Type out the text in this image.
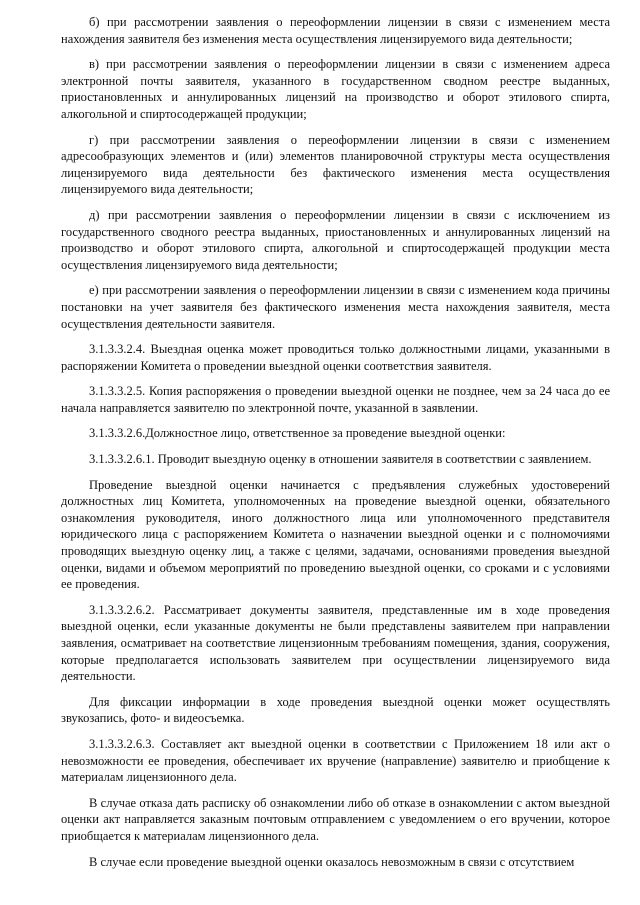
б) при рассмотрении заявления о переоформлении лицензии в связи с изменением места нахождения заявителя без изменения места осуществления лицензируемого вида деятельности;

в) при рассмотрении заявления о переоформлении лицензии в связи с изменением адреса электронной почты заявителя, указанного в государственном сводном реестре выданных, приостановленных и аннулированных лицензий на производство и оборот этилового спирта, алкогольной и спиртосодержащей продукции;

г) при рассмотрении заявления о переоформлении лицензии в связи с изменением адресообразующих элементов и (или) элементов планировочной структуры места осуществления лицензируемого вида деятельности без фактического изменения места осуществления лицензируемого вида деятельности;

д) при рассмотрении заявления о переоформлении лицензии в связи с исключением из государственного сводного реестра выданных, приостановленных и аннулированных лицензий на производство и оборот этилового спирта, алкогольной и спиртосодержащей продукции места осуществления лицензируемого вида деятельности;

е) при рассмотрении заявления о переоформлении лицензии в связи с изменением кода причины постановки на учет заявителя без фактического изменения места нахождения заявителя, места осуществления деятельности заявителя.

3.1.3.3.2.4. Выездная оценка может проводиться только должностными лицами, указанными в распоряжении Комитета о проведении выездной оценки соответствия заявителя.

3.1.3.3.2.5. Копия распоряжения о проведении выездной оценки не позднее, чем за 24 часа до ее начала направляется заявителю по электронной почте, указанной в заявлении.

3.1.3.3.2.6.Должностное лицо, ответственное за проведение выездной оценки:

3.1.3.3.2.6.1. Проводит выездную оценку в отношении заявителя в соответствии с заявлением.

Проведение выездной оценки начинается с предъявления служебных удостоверений должностных лиц Комитета, уполномоченных на проведение выездной оценки, обязательного ознакомления руководителя, иного должностного лица или уполномоченного представителя юридического лица с распоряжением Комитета о назначении выездной оценки и с полномочиями проводящих выездную оценку лиц, а также с целями, задачами, основаниями проведения выездной оценки, видами и объемом мероприятий по проведению выездной оценки, со сроками и с условиями ее проведения.

3.1.3.3.2.6.2. Рассматривает документы заявителя, представленные им в ходе проведения выездной оценки, если указанные документы не были представлены заявителем при направлении заявления, осматривает на соответствие лицензионным требованиям помещения, здания, сооружения, которые предполагается использовать заявителем при осуществлении лицензируемого вида деятельности.

Для фиксации информации в ходе проведения выездной оценки может осуществлять звукозапись, фото- и видеосъемка.

3.1.3.3.2.6.3. Составляет акт выездной оценки в соответствии с Приложением 18 или акт о невозможности ее проведения, обеспечивает их вручение (направление) заявителю и приобщение к материалам лицензионного дела.

В случае отказа дать расписку об ознакомлении либо об отказе в ознакомлении с актом выездной оценки акт направляется заказным почтовым отправлением с уведомлением о его вручении, которое приобщается к материалам лицензионного дела.

В случае если проведение выездной оценки оказалось невозможным в связи с отсутствием
